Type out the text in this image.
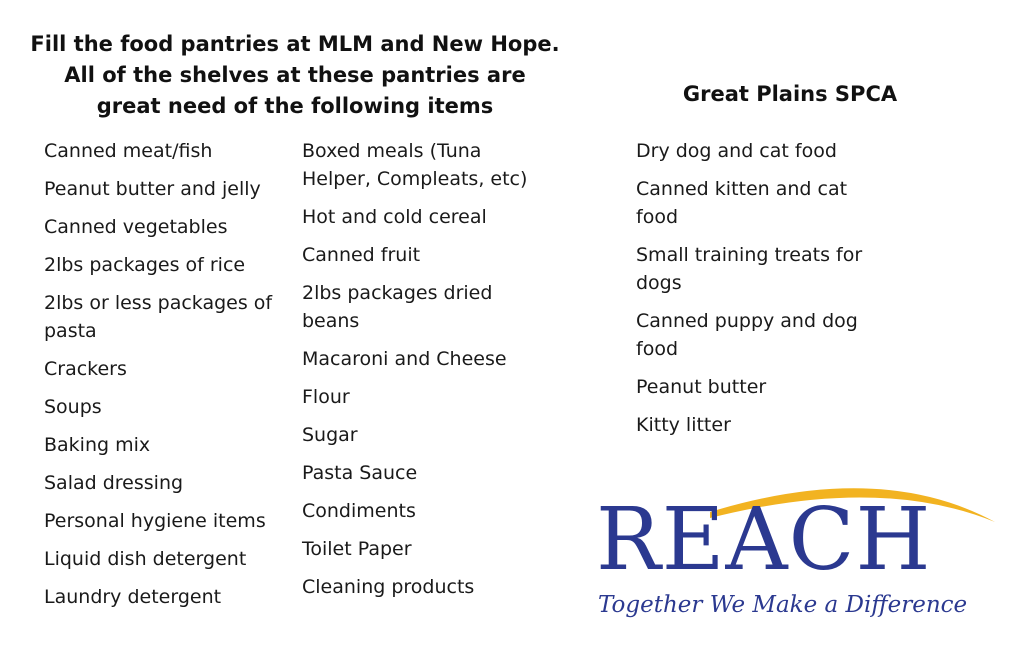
Fill the food pantries at MLM and New Hope. All of the shelves at these pantries are great need of the following items
Canned meat/fish
Peanut butter and jelly
Canned vegetables
2lbs packages of rice
2lbs or less packages of pasta
Crackers
Soups
Baking mix
Salad dressing
Personal hygiene items
Liquid dish detergent
Laundry detergent
Boxed meals (Tuna Helper, Compleats, etc)
Hot and cold cereal
Canned fruit
2lbs packages dried beans
Macaroni and Cheese
Flour
Sugar
Pasta Sauce
Condiments
Toilet Paper
Cleaning products
Great Plains SPCA
Dry dog and cat food
Canned kitten and cat food
Small training treats for dogs
Canned puppy and dog food
Peanut butter
Kitty litter
REACH
Together We Make a Difference
